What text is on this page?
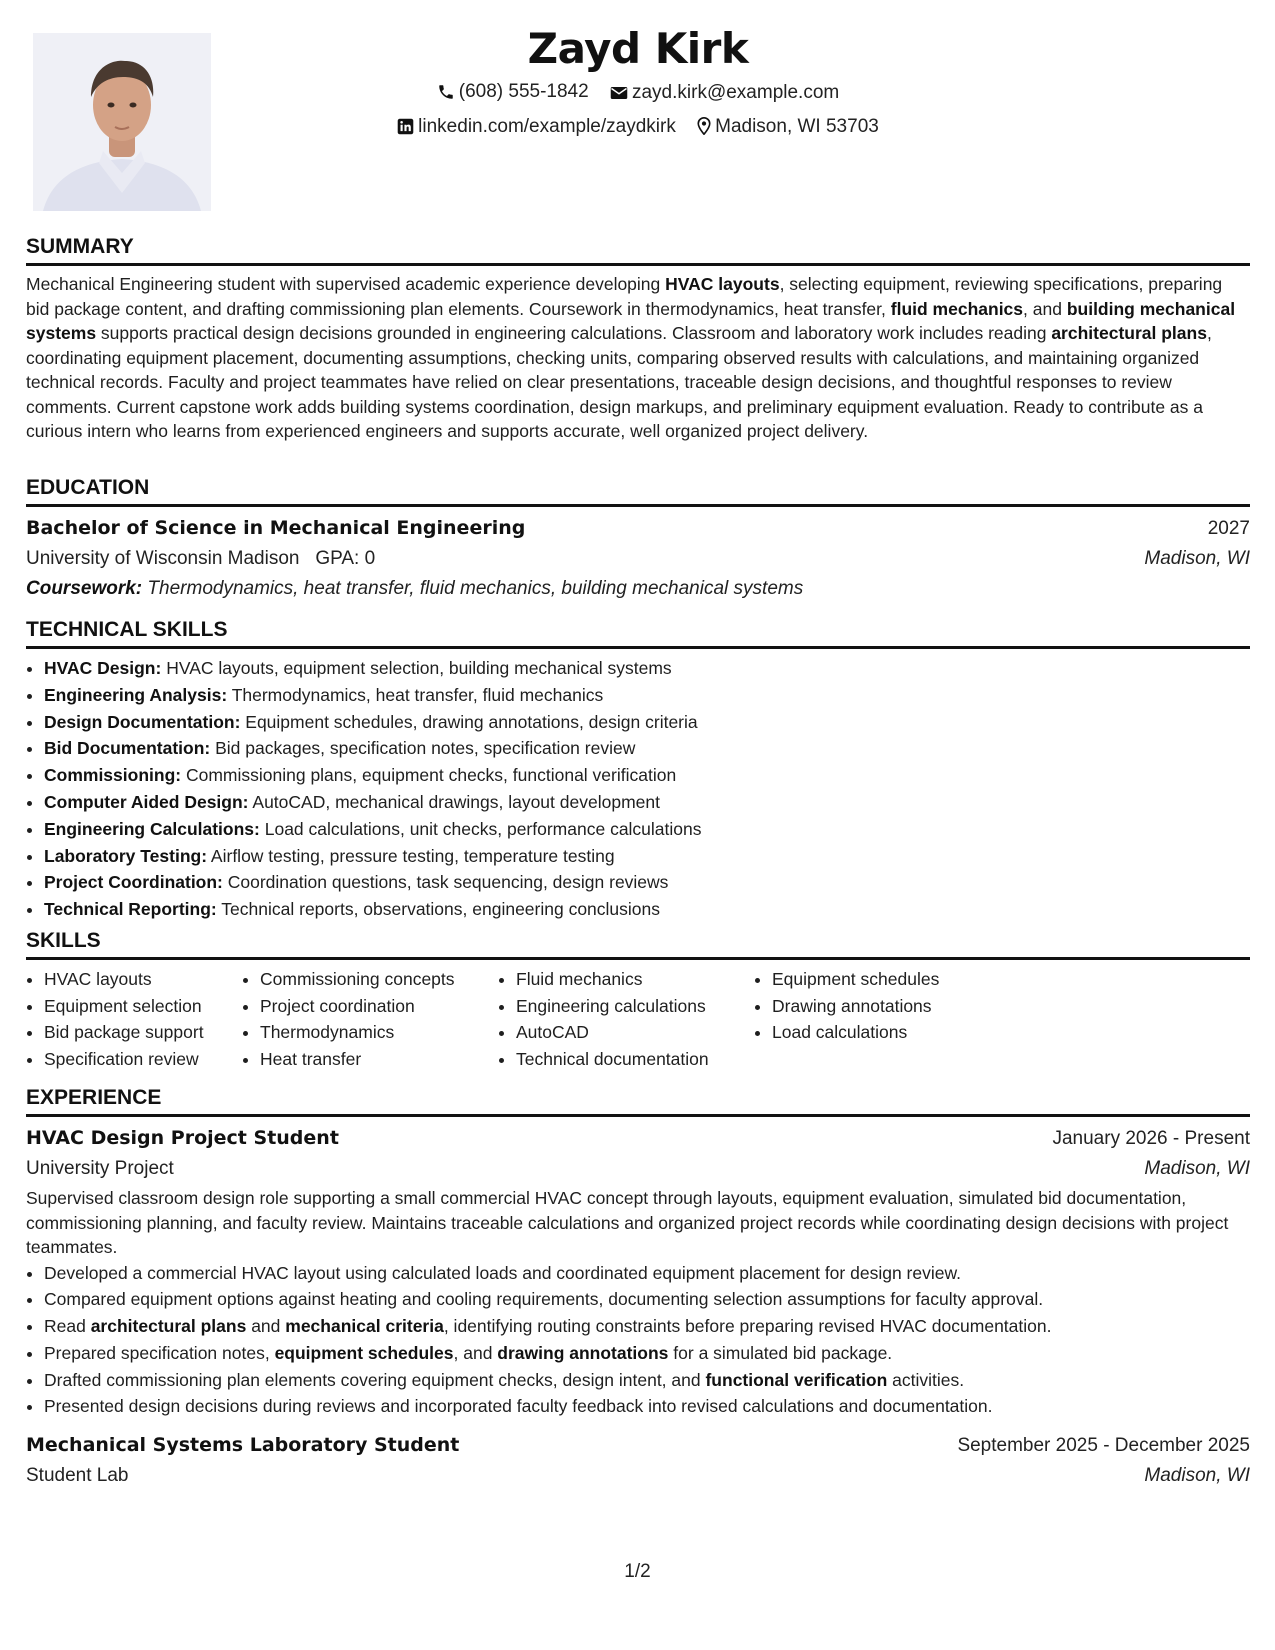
Zayd Kirk
(608) 555-1842
zayd.kirk@example.com
linkedin.com/example/zaydkirk
Madison, WI 53703
SUMMARY

Mechanical Engineering student with supervised academic experience developing HVAC layouts, selecting equipment, reviewing specifications, preparing bid package content, and drafting commissioning plan elements. Coursework in thermodynamics, heat transfer, fluid mechanics, and building mechanical systems supports practical design decisions grounded in engineering calculations. Classroom and laboratory work includes reading architectural plans, coordinating equipment placement, documenting assumptions, checking units, comparing observed results with calculations, and maintaining organized technical records. Faculty and project teammates have relied on clear presentations, traceable design decisions, and thoughtful responses to review comments. Current capstone work adds building systems coordination, design markups, and preliminary equipment evaluation. Ready to contribute as a curious intern who learns from experienced engineers and supports accurate, well organized project delivery.

EDUCATION
Bachelor of Science in Mechanical Engineering	2027
University of Wisconsin Madison GPA: 0	Madison, WI
Coursework: Thermodynamics, heat transfer, fluid mechanics, building mechanical systems
TECHNICAL SKILLS
• HVAC Design: HVAC layouts, equipment selection, building mechanical systems
• Engineering Analysis: Thermodynamics, heat transfer, fluid mechanics
• Design Documentation: Equipment schedules, drawing annotations, design criteria
• Bid Documentation: Bid packages, specification notes, specification review
• Commissioning: Commissioning plans, equipment checks, functional verification
• Computer Aided Design: AutoCAD, mechanical drawings, layout development
• Engineering Calculations: Load calculations, unit checks, performance calculations
• Laboratory Testing: Airflow testing, pressure testing, temperature testing
• Project Coordination: Coordination questions, task sequencing, design reviews
• Technical Reporting: Technical reports, observations, engineering conclusions
SKILLS
• HVAC layouts
• Equipment selection
• Bid package support
• Specification review
• Commissioning concepts
• Project coordination
• Thermodynamics
• Heat transfer
• Fluid mechanics
• Engineering calculations
• AutoCAD
• Technical documentation
• Equipment schedules
• Drawing annotations
• Load calculations
EXPERIENCE
HVAC Design Project Student	January 2026 - Present
University Project	Madison, WI

Supervised classroom design role supporting a small commercial HVAC concept through layouts, equipment evaluation, simulated bid documentation, commissioning planning, and faculty review. Maintains traceable calculations and organized project records while coordinating design decisions with project teammates.

• Developed a commercial HVAC layout using calculated loads and coordinated equipment placement for design review.
• Compared equipment options against heating and cooling requirements, documenting selection assumptions for faculty approval.
• Read architectural plans and mechanical criteria, identifying routing constraints before preparing revised HVAC documentation.
• Prepared specification notes, equipment schedules, and drawing annotations for a simulated bid package.
• Drafted commissioning plan elements covering equipment checks, design intent, and functional verification activities.
• Presented design decisions during reviews and incorporated faculty feedback into revised calculations and documentation.
Mechanical Systems Laboratory Student	September 2025 - December 2025
Student Lab	Madison, WI
1/2
